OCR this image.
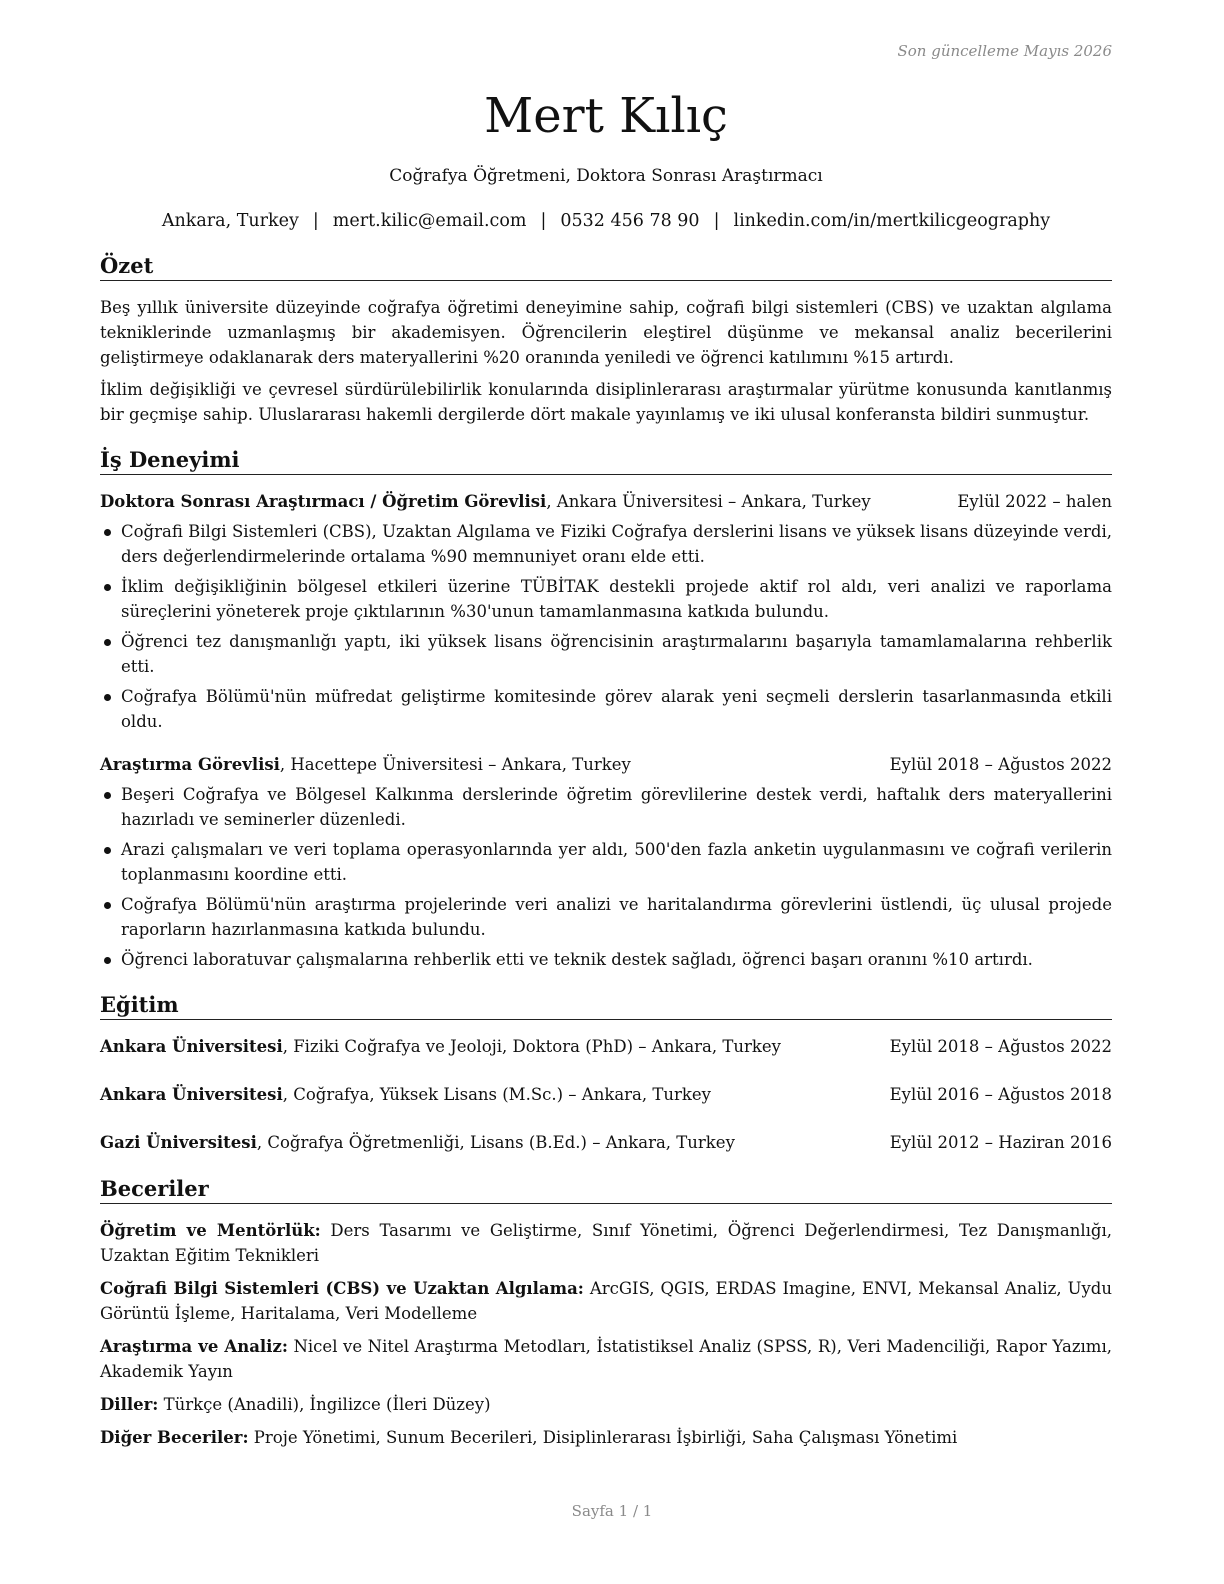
Son güncelleme Mayıs 2026
Mert Kılıç
Coğrafya Öğretmeni, Doktora Sonrası Araştırmacı
Ankara, Turkey | mert.kilic@email.com | 0532 456 78 90 | linkedin.com/in/mertkilicgeography
Özet

Beş yıllık üniversite düzeyinde coğrafya öğretimi deneyimine sahip, coğrafi bilgi sistemleri (CBS) ve uzaktan algılama tekniklerinde uzmanlaşmış bir akademisyen. Öğrencilerin eleştirel düşünme ve mekansal analiz becerilerini geliştirmeye odaklanarak ders materyallerini %20 oranında yeniledi ve öğrenci katılımını %15 artırdı.

İklim değişikliği ve çevresel sürdürülebilirlik konularında disiplinlerarası araştırmalar yürütme konusunda kanıtlanmış bir geçmişe sahip. Uluslararası hakemli dergilerde dört makale yayınlamış ve iki ulusal konferansta bildiri sunmuştur.

İş Deneyimi
Doktora Sonrası Araştırmacı / Öğretim Görevlisi, Ankara Üniversitesi – Ankara, Turkey	Eylül 2022 – halen
Coğrafi Bilgi Sistemleri (CBS), Uzaktan Algılama ve Fiziki Coğrafya derslerini lisans ve yüksek lisans düzeyinde verdi, ders değerlendirmelerinde ortalama %90 memnuniyet oranı elde etti.
İklim değişikliğinin bölgesel etkileri üzerine TÜBİTAK destekli projede aktif rol aldı, veri analizi ve raporlama süreçlerini yöneterek proje çıktılarının %30'unun tamamlanmasına katkıda bulundu.
Öğrenci tez danışmanlığı yaptı, iki yüksek lisans öğrencisinin araştırmalarını başarıyla tamamlamalarına rehberlik etti.
Coğrafya Bölümü'nün müfredat geliştirme komitesinde görev alarak yeni seçmeli derslerin tasarlanmasında etkili oldu.
Araştırma Görevlisi, Hacettepe Üniversitesi – Ankara, Turkey	Eylül 2018 – Ağustos 2022
Beşeri Coğrafya ve Bölgesel Kalkınma derslerinde öğretim görevlilerine destek verdi, haftalık ders materyallerini hazırladı ve seminerler düzenledi.
Arazi çalışmaları ve veri toplama operasyonlarında yer aldı, 500'den fazla anketin uygulanmasını ve coğrafi verilerin toplanmasını koordine etti.
Coğrafya Bölümü'nün araştırma projelerinde veri analizi ve haritalandırma görevlerini üstlendi, üç ulusal projede raporların hazırlanmasına katkıda bulundu.
Öğrenci laboratuvar çalışmalarına rehberlik etti ve teknik destek sağladı, öğrenci başarı oranını %10 artırdı.
Eğitim
Ankara Üniversitesi, Fiziki Coğrafya ve Jeoloji, Doktora (PhD) – Ankara, Turkey	Eylül 2018 – Ağustos 2022
Ankara Üniversitesi, Coğrafya, Yüksek Lisans (M.Sc.) – Ankara, Turkey	Eylül 2016 – Ağustos 2018
Gazi Üniversitesi, Coğrafya Öğretmenliği, Lisans (B.Ed.) – Ankara, Turkey	Eylül 2012 – Haziran 2016
Beceriler
Öğretim ve Mentörlük: Ders Tasarımı ve Geliştirme, Sınıf Yönetimi, Öğrenci Değerlendirmesi, Tez Danışmanlığı, Uzaktan Eğitim Teknikleri
Coğrafi Bilgi Sistemleri (CBS) ve Uzaktan Algılama: ArcGIS, QGIS, ERDAS Imagine, ENVI, Mekansal Analiz, Uydu Görüntü İşleme, Haritalama, Veri Modelleme
Araştırma ve Analiz: Nicel ve Nitel Araştırma Metodları, İstatistiksel Analiz (SPSS, R), Veri Madenciliği, Rapor Yazımı, Akademik Yayın
Diller: Türkçe (Anadili), İngilizce (İleri Düzey)
Diğer Beceriler: Proje Yönetimi, Sunum Becerileri, Disiplinlerarası İşbirliği, Saha Çalışması Yönetimi
Sayfa 1 / 1
